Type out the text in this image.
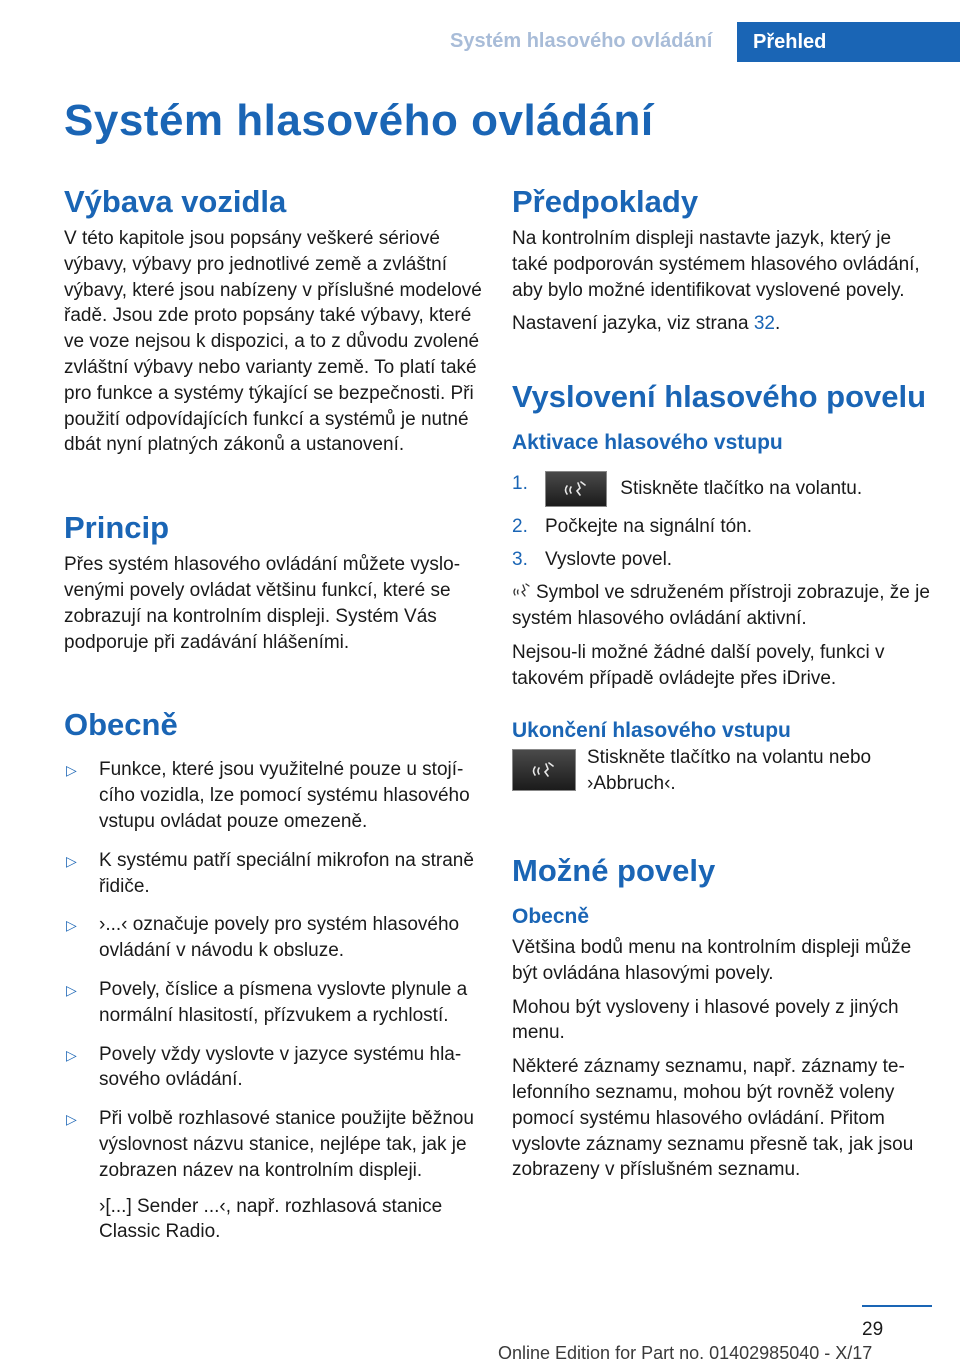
Systém hlasového ovládání	Přehled
Systém hlasového ovládání
Výbava vozidla

V této kapitole jsou popsány veškeré sériové výbavy, výbavy pro jednotlivé země a zvláštní výbavy, které jsou nabízeny v příslušné modelové řadě. Jsou zde proto popsány také výbavy, které ve voze nejsou k dispozici, a to z důvodu zvolené zvláštní výbavy nebo varianty země. To platí také pro funkce a systémy týkající se bezpečnosti. Při použití odpovídajících funkcí a systémů je nutné dbát nyní platných zákonů a ustanovení.

Princip

Přes systém hlasového ovládání můžete vyslovenými povely ovládat většinu funkcí, které se zobrazují na kontrolním displeji. Systém Vás podporuje při zadávání hlášeními.

Obecně
▷ Funkce, které jsou využitelné pouze u stojícího vozidla, lze pomocí systému hlasového vstupu ovládat pouze omezeně.
▷ K systému patří speciální mikrofon na straně řidiče.
▷ ›...‹ označuje povely pro systém hlasového ovládání v návodu k obsluze.
▷ Povely, číslice a písmena vyslovte plynule a normální hlasitostí, přízvukem a rychlostí.
▷ Povely vždy vyslovte v jazyce systému hlasového ovládání.
▷ Při volbě rozhlasové stanice použijte běžnou výslovnost názvu stanice, nejlépe tak, jak je zobrazen název na kontrolním displeji.
›[...] Sender ...‹, např. rozhlasová stanice Classic Radio.
Předpoklady

Na kontrolním displeji nastavte jazyk, který je také podporován systémem hlasového ovládání, aby bylo možné identifikovat vyslovené povely.

Nastavení jazyka, viz strana 32.

Vyslovení hlasového povelu
Aktivace hlasového vstupu
1.	Stiskněte tlačítko na volantu.
2. Počkejte na signální tón.
3. Vyslovte povel.

Symbol ve sdruženém přístroji zobrazuje, že je systém hlasového ovládání aktivní.

Nejsou-li možné žádné další povely, funkci v takovém případě ovládejte přes iDrive.

Ukončení hlasového vstupu

Stiskněte tlačítko na volantu nebo ›Abbruch‹.

Možné povely
Obecně

Většina bodů menu na kontrolním displeji může být ovládána hlasovými povely.

Mohou být vysloveny i hlasové povely z jiných menu.

Některé záznamy seznamu, např. záznamy telefonního seznamu, mohou být rovněž voleny pomocí systému hlasového ovládání. Přitom vyslovte záznamy seznamu přesně tak, jak jsou zobrazeny v příslušném seznamu.

29
Online Edition for Part no. 01402985040 - X/17
